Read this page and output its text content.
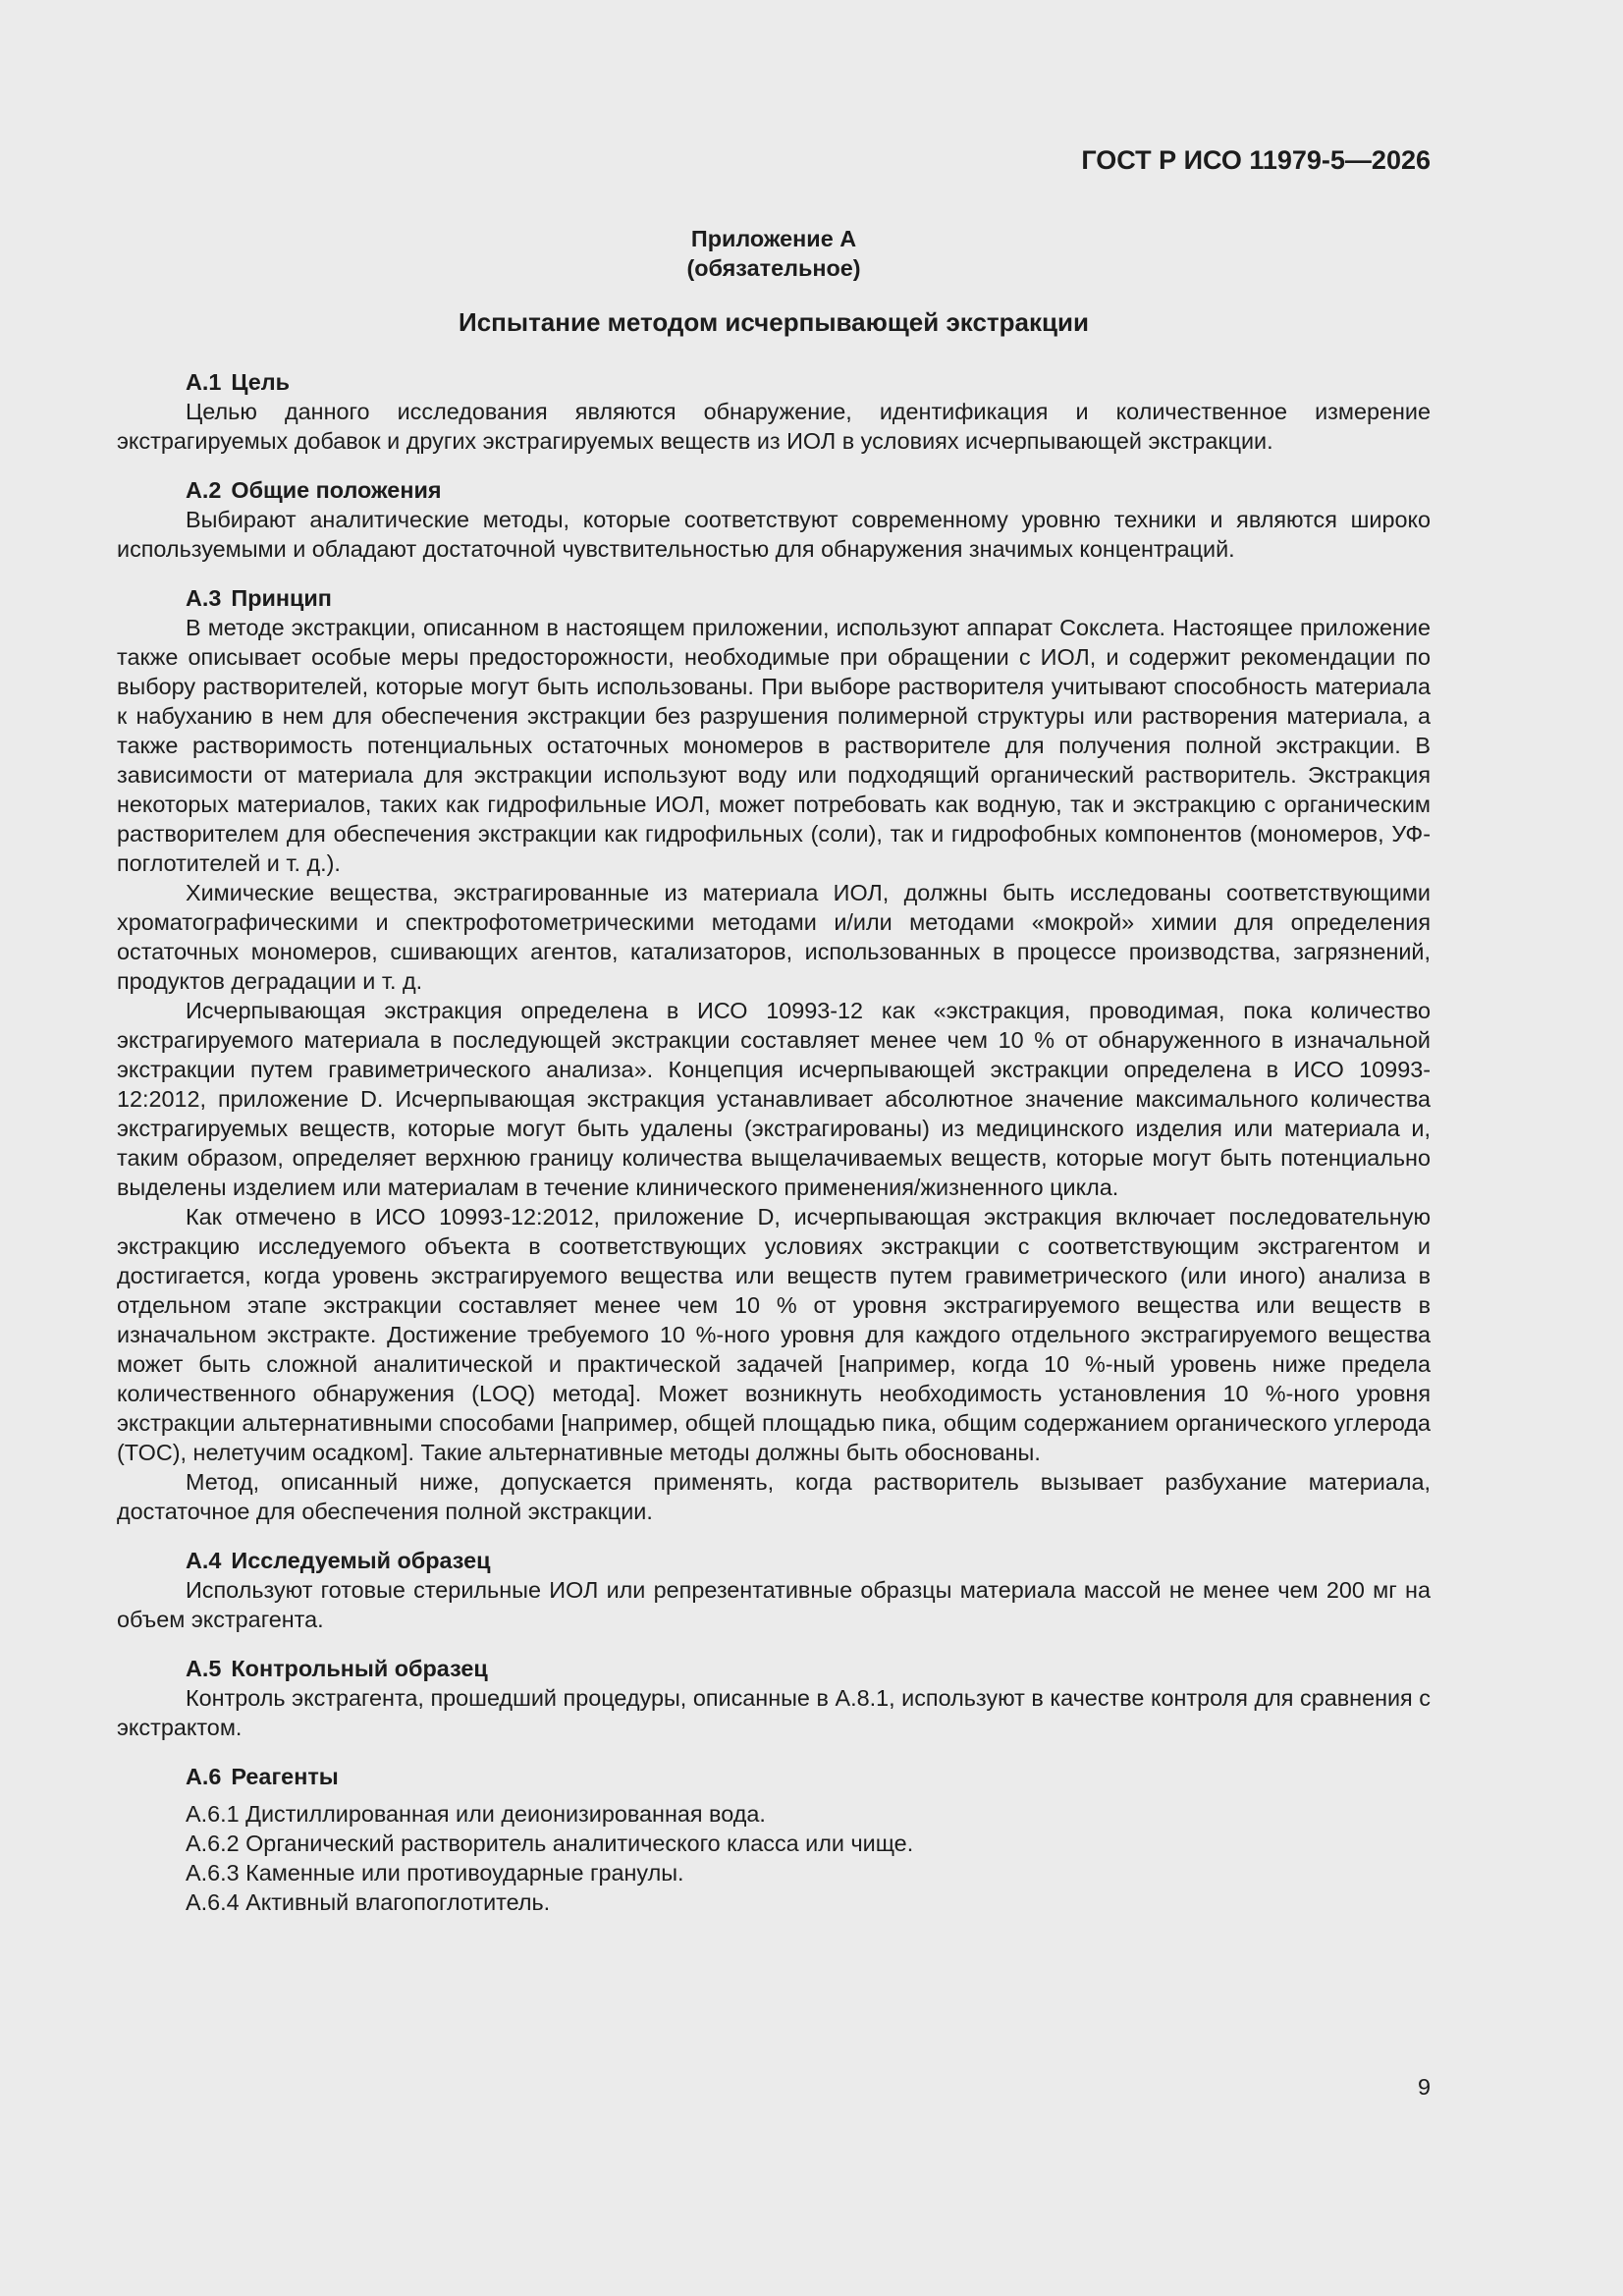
ГОСТ Р ИСО 11979-5—2026
Приложение А
(обязательное)
Испытание методом исчерпывающей экстракции
А.1 Цель

Целью данного исследования являются обнаружение, идентификация и количественное измерение экстрагируемых добавок и других экстрагируемых веществ из ИОЛ в условиях исчерпывающей экстракции.

А.2 Общие положения

Выбирают аналитические методы, которые соответствуют современному уровню техники и являются широко используемыми и обладают достаточной чувствительностью для обнаружения значимых концентраций.

А.3 Принцип

В методе экстракции, описанном в настоящем приложении, используют аппарат Сокслета. Настоящее приложение также описывает особые меры предосторожности, необходимые при обращении с ИОЛ, и содержит рекомендации по выбору растворителей, которые могут быть использованы. При выборе растворителя учитывают способность материала к набуханию в нем для обеспечения экстракции без разрушения полимерной структуры или растворения материала, а также растворимость потенциальных остаточных мономеров в растворителе для получения полной экстракции. В зависимости от материала для экстракции используют воду или подходящий органический растворитель. Экстракция некоторых материалов, таких как гидрофильные ИОЛ, может потребовать как водную, так и экстракцию с органическим растворителем для обеспечения экстракции как гидрофильных (соли), так и гидрофобных компонентов (мономеров, УФ-поглотителей и т. д.).

Химические вещества, экстрагированные из материала ИОЛ, должны быть исследованы соответствующими хроматографическими и спектрофотометрическими методами и/или методами «мокрой» химии для определения остаточных мономеров, сшивающих агентов, катализаторов, использованных в процессе производства, загрязнений, продуктов деградации и т. д.

Исчерпывающая экстракция определена в ИСО 10993-12 как «экстракция, проводимая, пока количество экстрагируемого материала в последующей экстракции составляет менее чем 10 % от обнаруженного в изначальной экстракции путем гравиметрического анализа». Концепция исчерпывающей экстракции определена в ИСО 10993-12:2012, приложение D. Исчерпывающая экстракция устанавливает абсолютное значение максимального количества экстрагируемых веществ, которые могут быть удалены (экстрагированы) из медицинского изделия или материала и, таким образом, определяет верхнюю границу количества выщелачиваемых веществ, которые могут быть потенциально выделены изделием или материалам в течение клинического применения/жизненного цикла.

Как отмечено в ИСО 10993-12:2012, приложение D, исчерпывающая экстракция включает последовательную экстракцию исследуемого объекта в соответствующих условиях экстракции с соответствующим экстрагентом и достигается, когда уровень экстрагируемого вещества или веществ путем гравиметрического (или иного) анализа в отдельном этапе экстракции составляет менее чем 10 % от уровня экстрагируемого вещества или веществ в изначальном экстракте. Достижение требуемого 10 %-ного уровня для каждого отдельного экстрагируемого вещества может быть сложной аналитической и практической задачей [например, когда 10 %-ный уровень ниже предела количественного обнаружения (LOQ) метода]. Может возникнуть необходимость установления 10 %-ного уровня экстракции альтернативными способами [например, общей площадью пика, общим содержанием органического углерода (TOC), нелетучим осадком]. Такие альтернативные методы должны быть обоснованы.

Метод, описанный ниже, допускается применять, когда растворитель вызывает разбухание материала, достаточное для обеспечения полной экстракции.

А.4 Исследуемый образец

Используют готовые стерильные ИОЛ или репрезентативные образцы материала массой не менее чем 200 мг на объем экстрагента.

А.5 Контрольный образец

Контроль экстрагента, прошедший процедуры, описанные в А.8.1, используют в качестве контроля для сравнения с экстрактом.

А.6 Реагенты
А.6.1 Дистиллированная или деионизированная вода.
А.6.2 Органический растворитель аналитического класса или чище.
А.6.3 Каменные или противоударные гранулы.
А.6.4 Активный влагопоглотитель.
9
